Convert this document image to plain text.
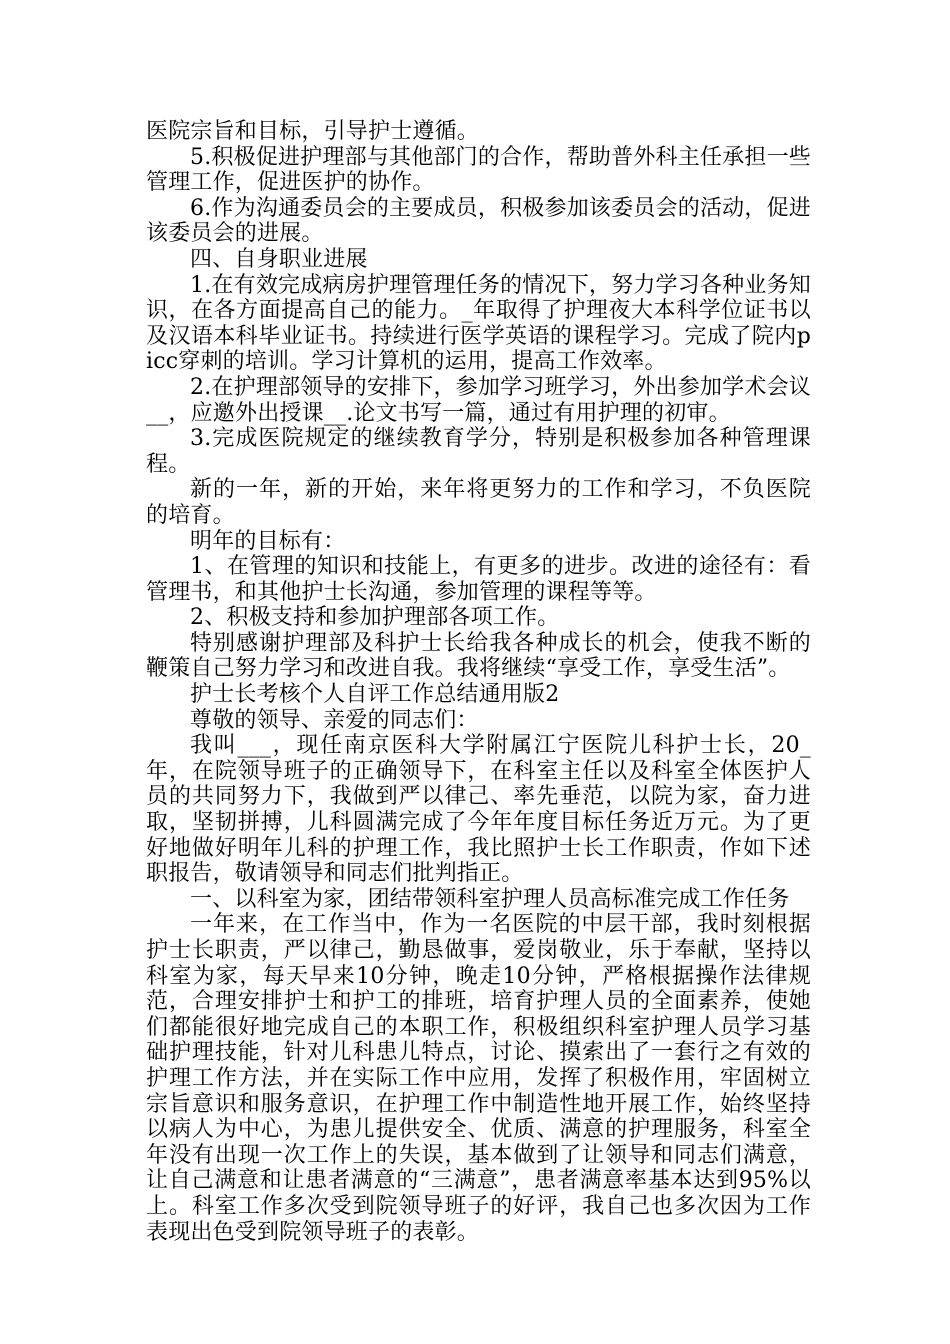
医院宗旨和目标，引导护士遵循。

5.积极促进护理部与其他部门的合作，帮助普外科主任承担一些管理工作，促进医护的协作。

6.作为沟通委员会的主要成员，积极参加该委员会的活动，促进该委员会的进展。

四、自身职业进展

1.在有效完成病房护理管理任务的情况下，努力学习各种业务知识，在各方面提高自己的能力。_年取得了护理夜大本科学位证书以及汉语本科毕业证书。持续进行医学英语的课程学习。完成了院内picc穿刺的培训。学习计算机的运用，提高工作效率。

2.在护理部领导的安排下，参加学习班学习，外出参加学术会议__，应邀外出授课__.论文书写一篇，通过有用护理的初审。

3.完成医院规定的继续教育学分，特别是积极参加各种管理课程。

新的一年，新的开始，来年将更努力的工作和学习，不负医院的培育。

明年的目标有：

1、在管理的知识和技能上，有更多的进步。改进的途径有：看管理书，和其他护士长沟通，参加管理的课程等等。

2、积极支持和参加护理部各项工作。

特别感谢护理部及科护士长给我各种成长的机会，使我不断的鞭策自己努力学习和改进自我。我将继续“享受工作，享受生活”。

护士长考核个人自评工作总结通用版2

尊敬的领导、亲爱的同志们：

我叫___，现任南京医科大学附属江宁医院儿科护士长，20_年，在院领导班子的正确领导下，在科室主任以及科室全体医护人员的共同努力下，我做到严以律己、率先垂范，以院为家，奋力进取，坚韧拼搏，儿科圆满完成了今年年度目标任务近万元。为了更好地做好明年儿科的护理工作，我比照护士长工作职责，作如下述职报告，敬请领导和同志们批判指正。

一、以科室为家，团结带领科室护理人员高标准完成工作任务

一年来，在工作当中，作为一名医院的中层干部，我时刻根据护士长职责，严以律己，勤恳做事，爱岗敬业，乐于奉献，坚持以科室为家，每天早来10分钟，晚走10分钟，严格根据操作法律规范，合理安排护士和护工的排班，培育护理人员的全面素养，使她们都能很好地完成自己的本职工作，积极组织科室护理人员学习基础护理技能，针对儿科患儿特点，讨论、摸索出了一套行之有效的护理工作方法，并在实际工作中应用，发挥了积极作用，牢固树立宗旨意识和服务意识，在护理工作中制造性地开展工作，始终坚持以病人为中心，为患儿提供安全、优质、满意的护理服务，科室全年没有出现一次工作上的失误，基本做到了让领导和同志们满意，让自己满意和让患者满意的“三满意”，患者满意率基本达到95%以上。科室工作多次受到院领导班子的好评，我自己也多次因为工作表现出色受到院领导班子的表彰。
